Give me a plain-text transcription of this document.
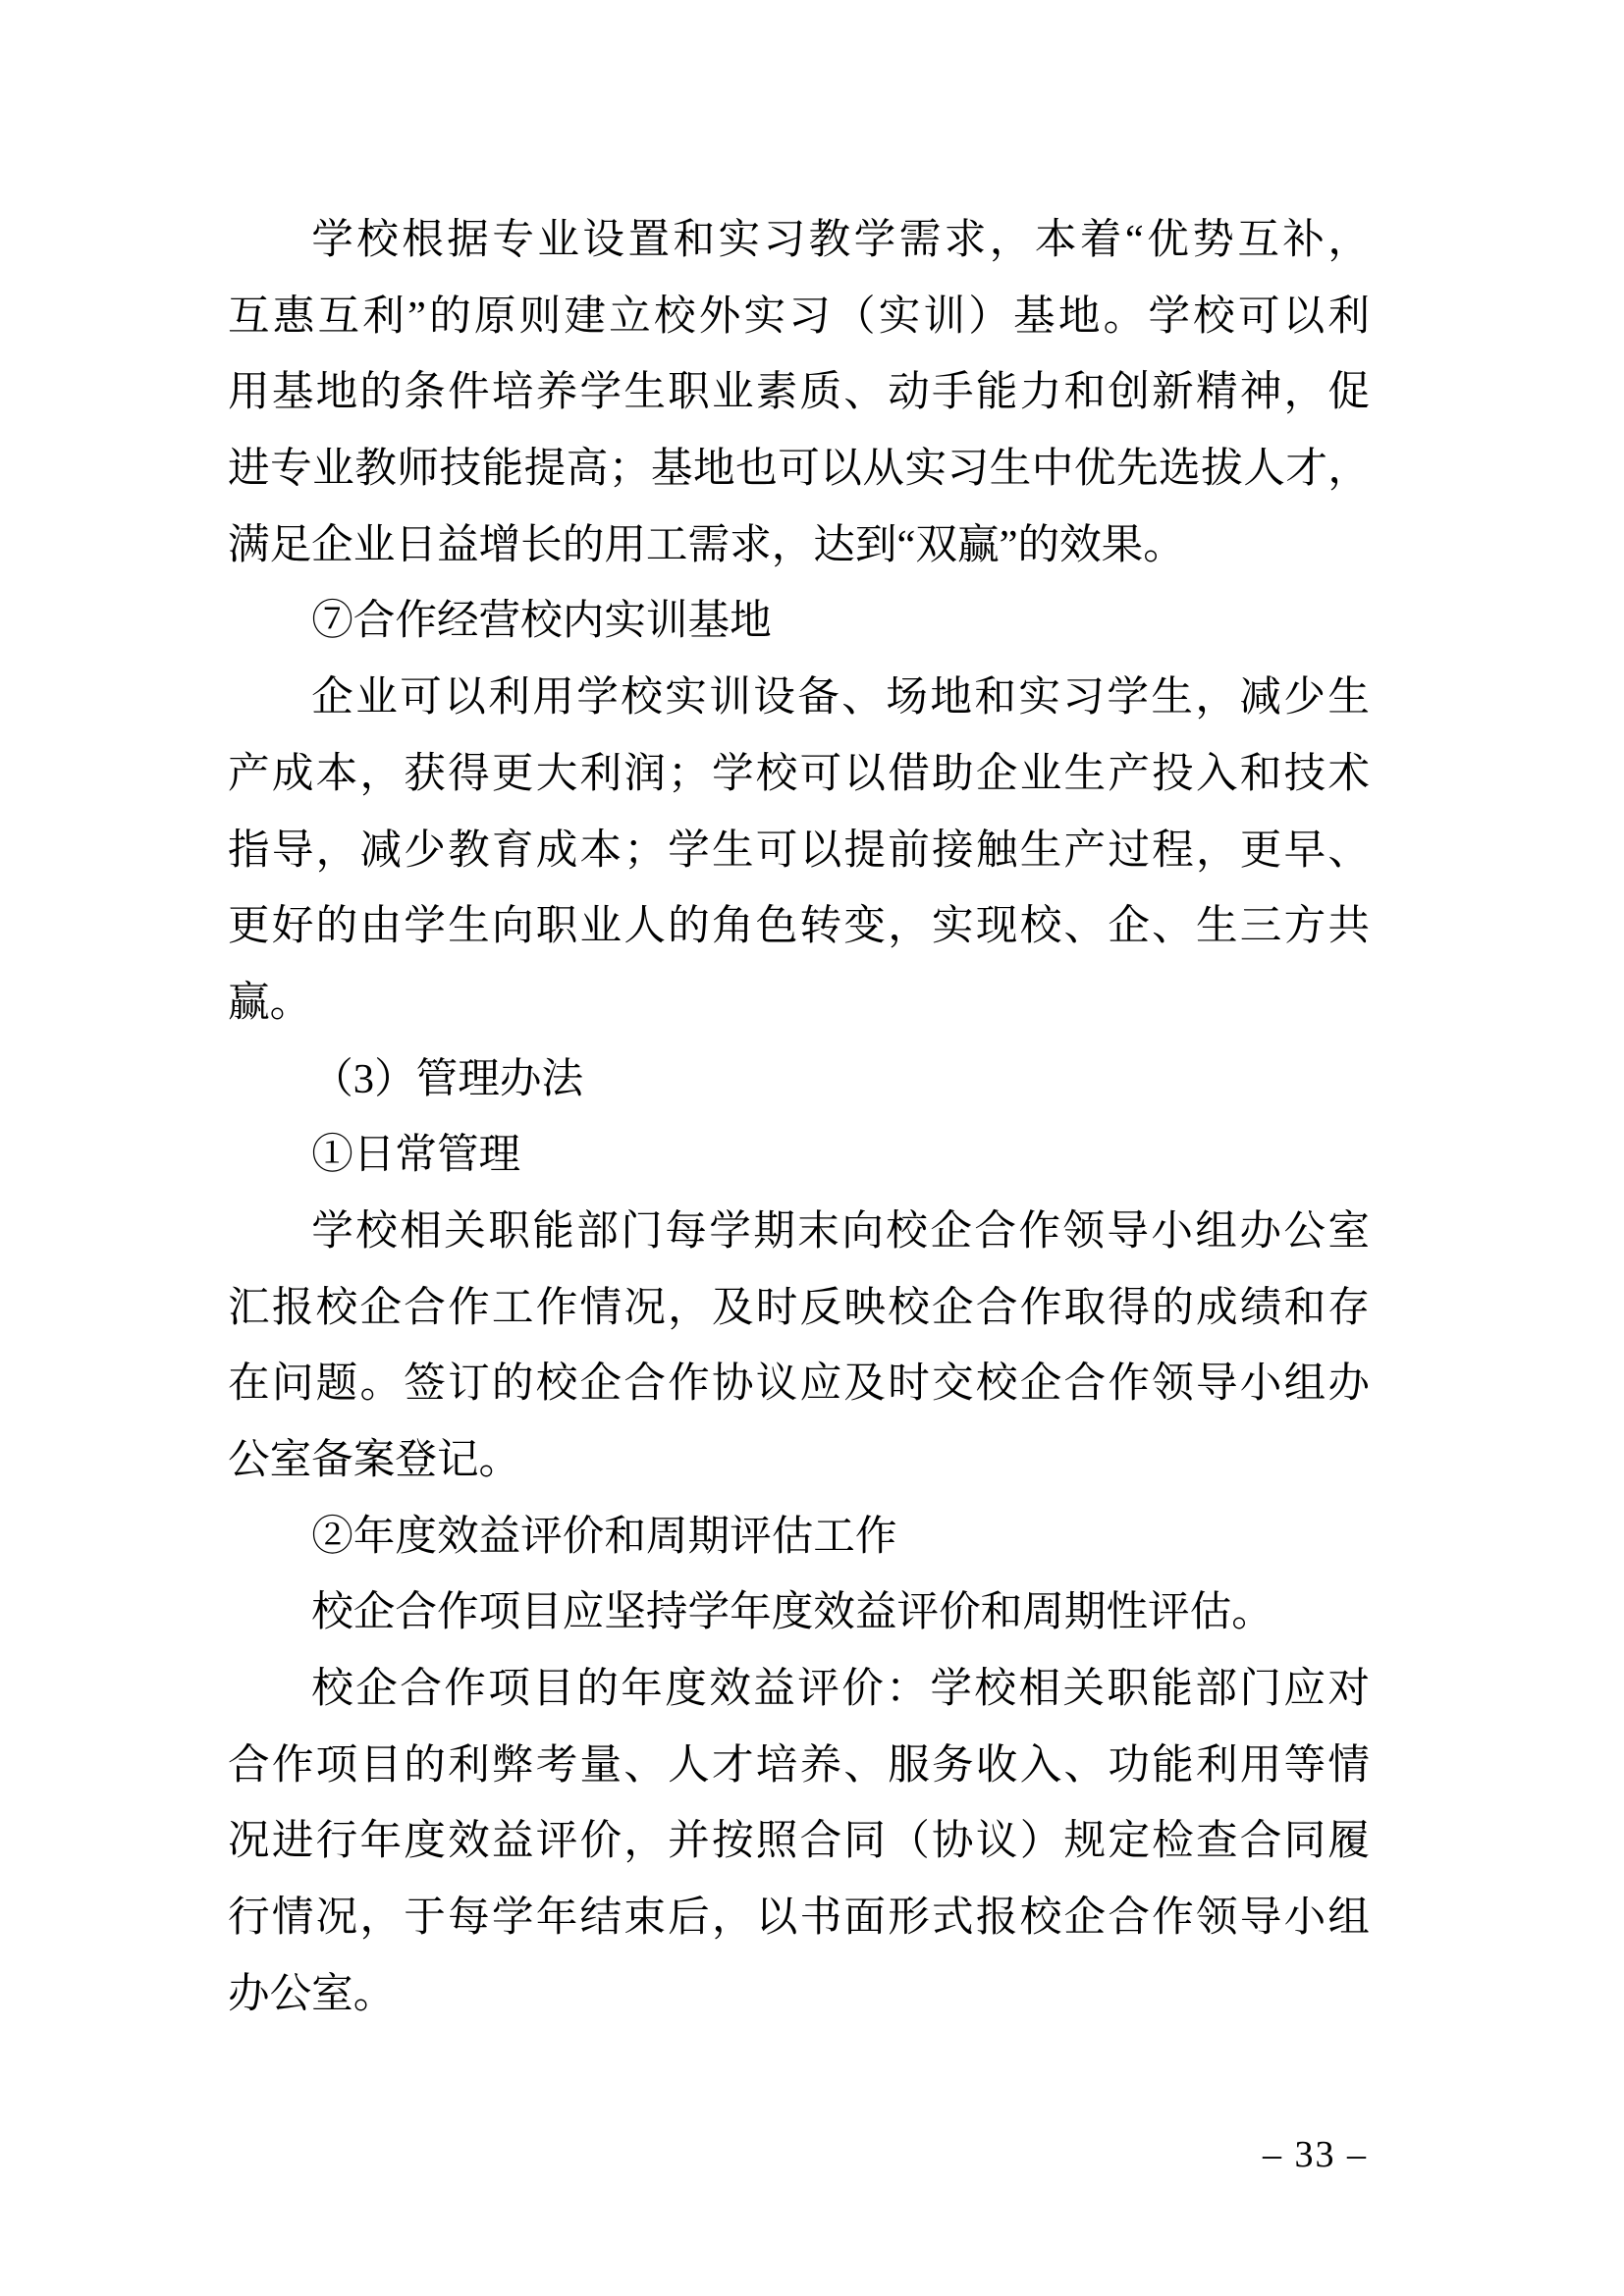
学校根据专业设置和实习教学需求，本着“优势互补，
互惠互利”的原则建立校外实习（实训）基地。学校可以利
用基地的条件培养学生职业素质、动手能力和创新精神，促
进专业教师技能提高；基地也可以从实习生中优先选拔人才，
满足企业日益增长的用工需求，达到“双赢”的效果。
⑦合作经营校内实训基地
企业可以利用学校实训设备、场地和实习学生，减少生
产成本，获得更大利润；学校可以借助企业生产投入和技术
指导，减少教育成本；学生可以提前接触生产过程，更早、
更好的由学生向职业人的角色转变，实现校、企、生三方共
赢。
（3）管理办法
①日常管理
学校相关职能部门每学期末向校企合作领导小组办公室
汇报校企合作工作情况，及时反映校企合作取得的成绩和存
在问题。签订的校企合作协议应及时交校企合作领导小组办
公室备案登记。
②年度效益评价和周期评估工作
校企合作项目应坚持学年度效益评价和周期性评估。
校企合作项目的年度效益评价：学校相关职能部门应对
合作项目的利弊考量、人才培养、服务收入、功能利用等情
况进行年度效益评价，并按照合同（协议）规定检查合同履
行情况，于每学年结束后，以书面形式报校企合作领导小组
办公室。
– 33 –
